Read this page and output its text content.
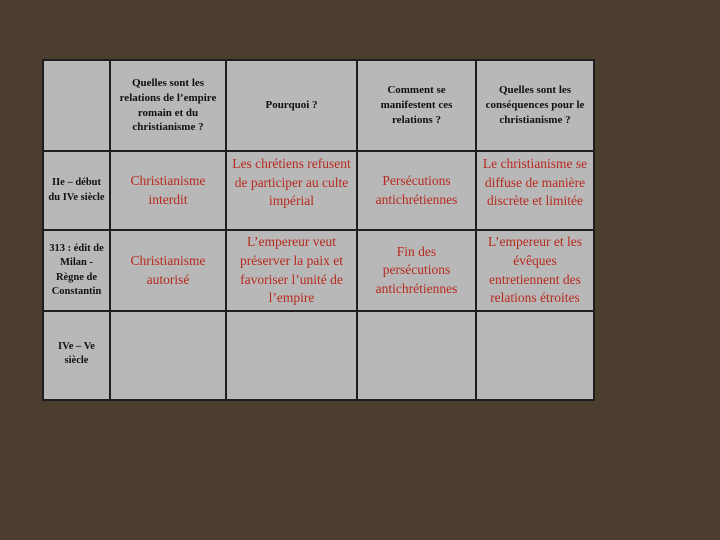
Quelles sont les relations de l’empire romain et du christianisme ?
Pourquoi ?
Comment se manifestent ces relations ?
Quelles sont les conséquences pour le christianisme ?
IIe – début du IVe siècle
Christianisme interdit
Les chrétiens refusent de participer au culte impérial
Persécutions antichrétiennes
Le christianisme se diffuse de manière discrète et limitée
313 : édit de Milan - Règne de Constantin
Christianisme autorisé
L’empereur veut préserver la paix et favoriser l’unité de l’empire
Fin des persécutions antichrétiennes
L’empereur et les évêques entretiennent des relations étroites
IVe – Ve siècle
